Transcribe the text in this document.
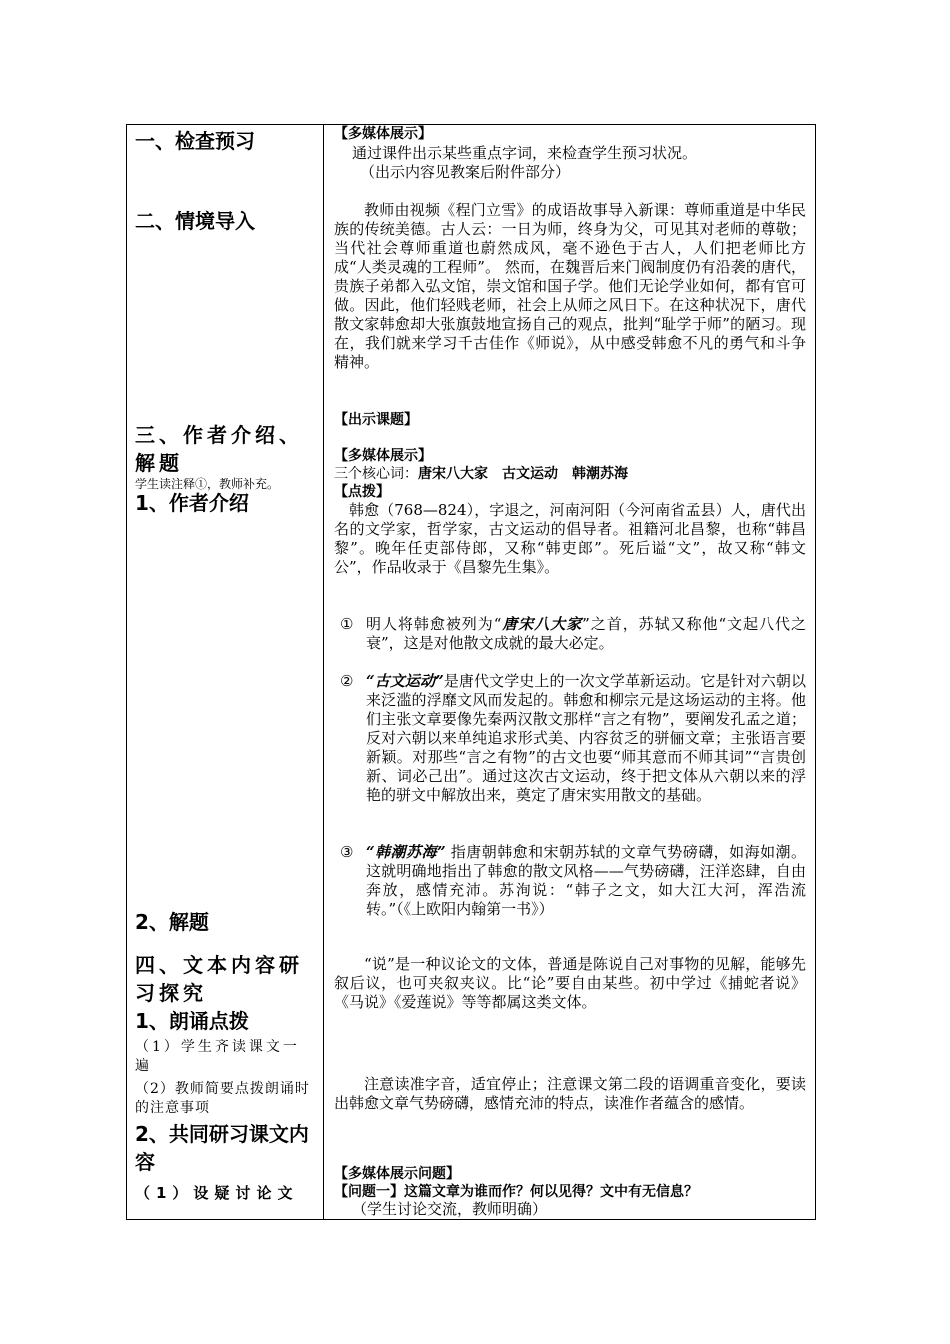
一、检查预习
二、情境导入
三、作者介绍、解题
学生读注释①，教师补充。
1、作者介绍
2、解题
四、文本内容研习探究
1、朗诵点拨
（1）学生齐读课文一遍
（2）教师简要点拨朗诵时的注意事项
2、共同研习课文内容
（1）设疑讨论文
【多媒体展示】
通过课件出示某些重点字词，来检查学生预习状况。
（出示内容见教案后附件部分）

教师由视频《程门立雪》的成语故事导入新课：尊师重道是中华民族的传统美德。古人云：一日为师，终身为父，可见其对老师的尊敬；当代社会尊师重道也蔚然成风，毫不逊色于古人，人们把老师比方成“人类灵魂的工程师”。 然而，在魏晋后来门阀制度仍有沿袭的唐代，贵族子弟都入弘文馆，崇文馆和国子学。他们无论学业如何，都有官可做。因此，他们轻贱老师，社会上从师之风日下。在这种状况下，唐代散文家韩愈却大张旗鼓地宣扬自己的观点，批判“耻学于师”的陋习。现在，我们就来学习千古佳作《师说》，从中感受韩愈不凡的勇气和斗争精神。

【出示课题】
【多媒体展示】
三个核心词：唐宋八大家　古文运动　韩潮苏海
【点拨】

韩愈（768—824），字退之，河南河阳（今河南省孟县）人，唐代出名的文学家，哲学家，古文运动的倡导者。祖籍河北昌黎，也称“韩昌黎”。晚年任吏部侍郎，又称“韩吏郎”。死后谥“文”，故又称“韩文公”，作品收录于《昌黎先生集》。

① 明人将韩愈被列为“唐宋八大家”之首，苏轼又称他“文起八代之衰”，这是对他散文成就的最大必定。
② “古文运动”是唐代文学史上的一次文学革新运动。它是针对六朝以来泛滥的浮靡文风而发起的。韩愈和柳宗元是这场运动的主将。他们主张文章要像先秦两汉散文那样“言之有物”，要阐发孔孟之道；反对六朝以来单纯追求形式美、内容贫乏的骈俪文章；主张语言要新颖。对那些“言之有物”的古文也要“师其意而不师其词”“言贵创新、词必己出”。通过这次古文运动，终于把文体从六朝以来的浮艳的骈文中解放出来，奠定了唐宋实用散文的基础。
③ “韩潮苏海” 指唐朝韩愈和宋朝苏轼的文章气势磅礴，如海如潮。这就明确地指出了韩愈的散文风格——气势磅礴，汪洋恣肆，自由奔放，感情充沛。苏洵说：“韩子之文，如大江大河，浑浩流转。”（《上欧阳内翰第一书》）

“说”是一种议论文的文体，普通是陈说自己对事物的见解，能够先叙后议，也可夹叙夹议。比“论”要自由某些。初中学过《捕蛇者说》《马说》《爱莲说》等等都属这类文体。

注意读准字音，适宜停止；注意课文第二段的语调重音变化，要读出韩愈文章气势磅礴，感情充沛的特点，读准作者蕴含的感情。

【多媒体展示问题】
【问题一】这篇文章为谁而作？何以见得？文中有无信息？
（学生讨论交流，教师明确）
